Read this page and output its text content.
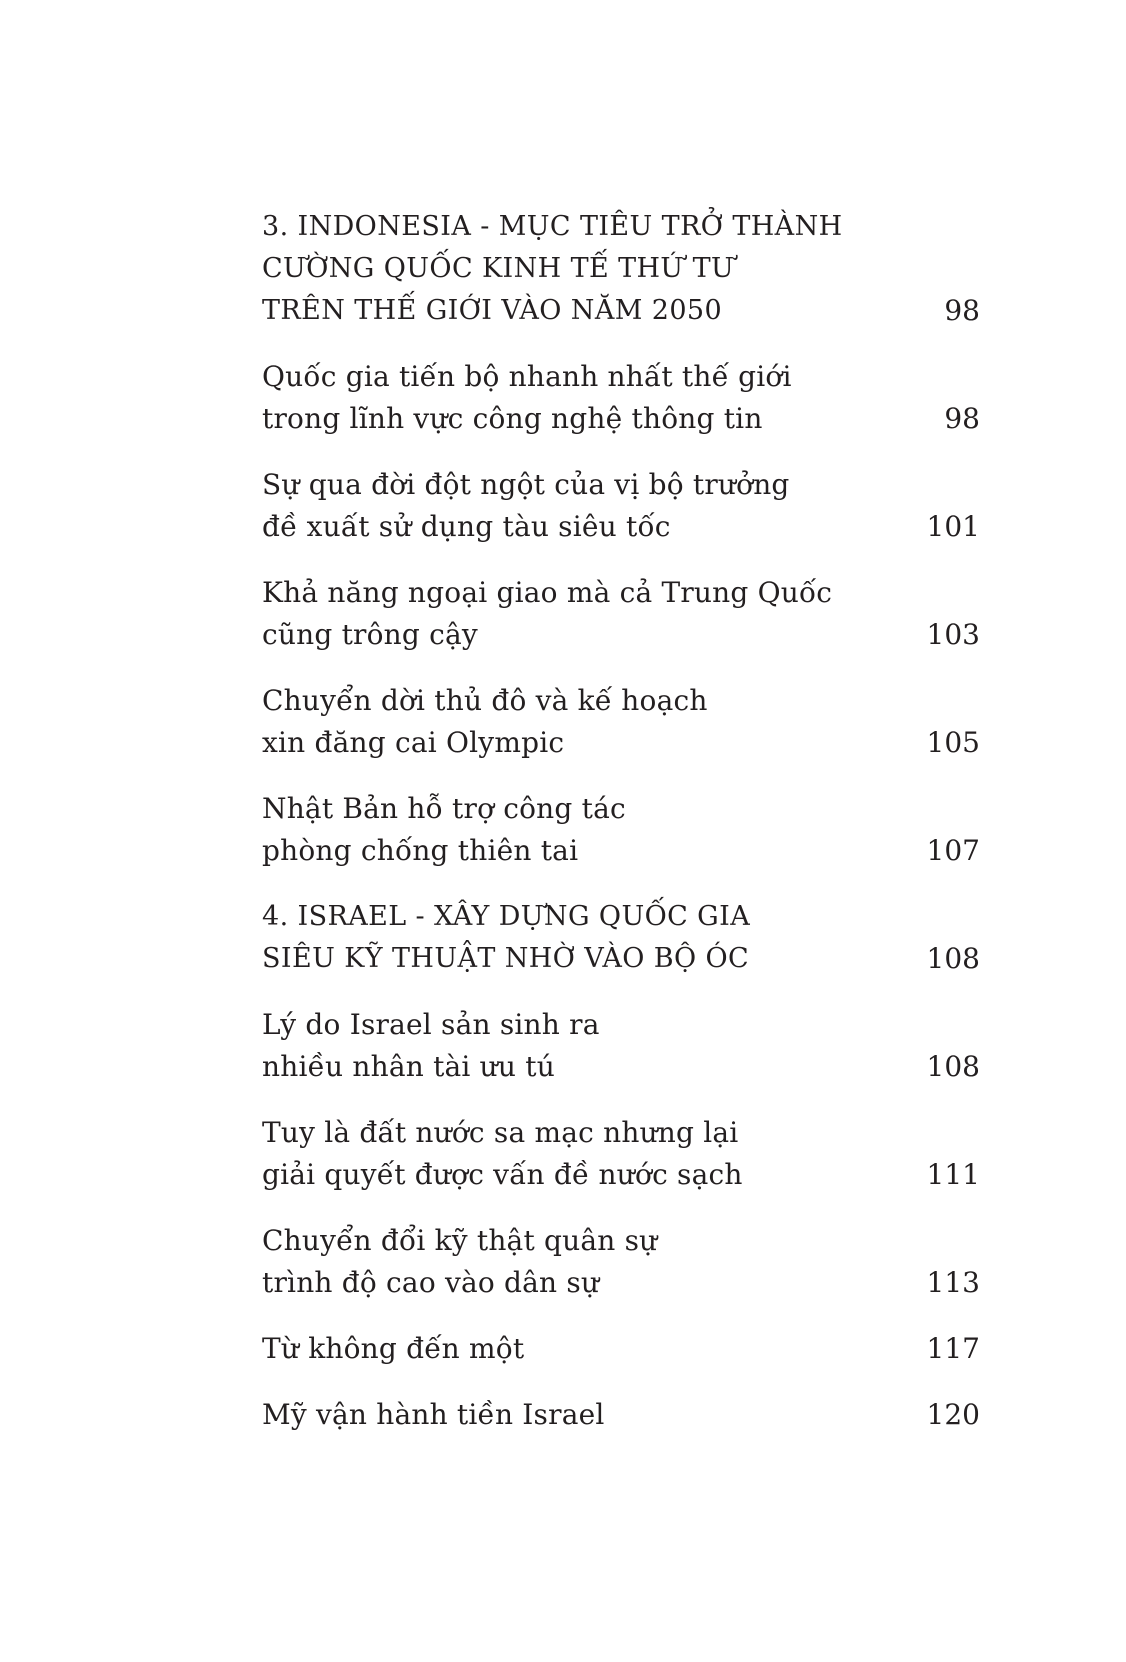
3. INDONESIA - MỤC TIÊU TRỞ THÀNH
CƯỜNG QUỐC KINH TẾ THỨ TƯ
TRÊN THẾ GIỚI VÀO NĂM 2050	98
Quốc gia tiến bộ nhanh nhất thế giới
trong lĩnh vực công nghệ thông tin	98
Sự qua đời đột ngột của vị bộ trưởng
đề xuất sử dụng tàu siêu tốc	101
Khả năng ngoại giao mà cả Trung Quốc
cũng trông cậy	103
Chuyển dời thủ đô và kế hoạch
xin đăng cai Olympic	105
Nhật Bản hỗ trợ công tác
phòng chống thiên tai	107
4. ISRAEL - XÂY DỰNG QUỐC GIA
SIÊU KỸ THUẬT NHỜ VÀO BỘ ÓC	108
Lý do Israel sản sinh ra
nhiều nhân tài ưu tú	108
Tuy là đất nước sa mạc nhưng lại
giải quyết được vấn đề nước sạch	111
Chuyển đổi kỹ thật quân sự
trình độ cao vào dân sự	113
Từ không đến một	117
Mỹ vận hành tiền Israel	120
